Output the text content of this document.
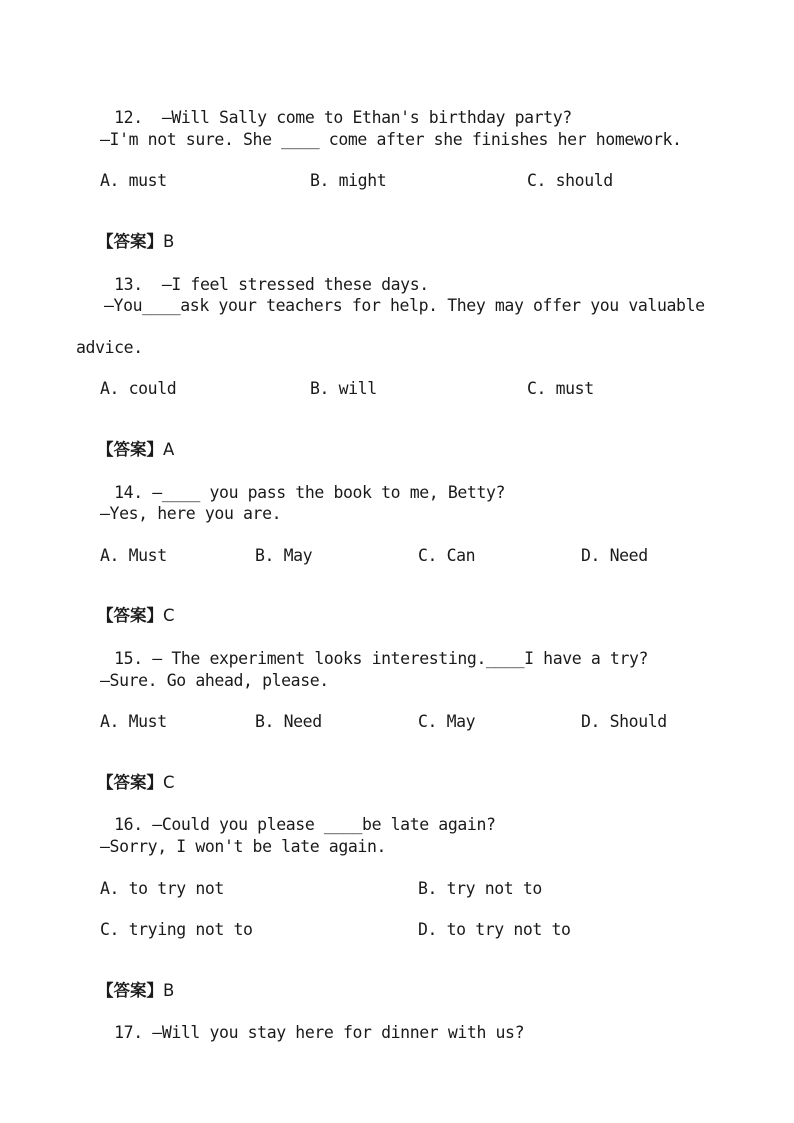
12. —Will Sally come to Ethan's birthday party?

—I'm not sure. She ____ come after she finishes her homework.
A. must	B. might	C. should

【答案】B

13. –I feel stressed these days.

–You____ask your teachers for help. They may offer you valuable
advice.
A. could	B. will	C. must

【答案】A

14. —____ you pass the book to me, Betty?

—Yes, here you are.
A. Must	B. May	C. Can	D. Need

【答案】C

15. — The experiment looks interesting.____I have a try?

—Sure. Go ahead, please.
A. Must	B. Need	C. May	D. Should

【答案】C

16. —Could you please ____be late again?

—Sorry, I won't be late again.
A. to try not	B. try not to
C. trying not to	D. to try not to

【答案】B

17. —Will you stay here for dinner with us?
